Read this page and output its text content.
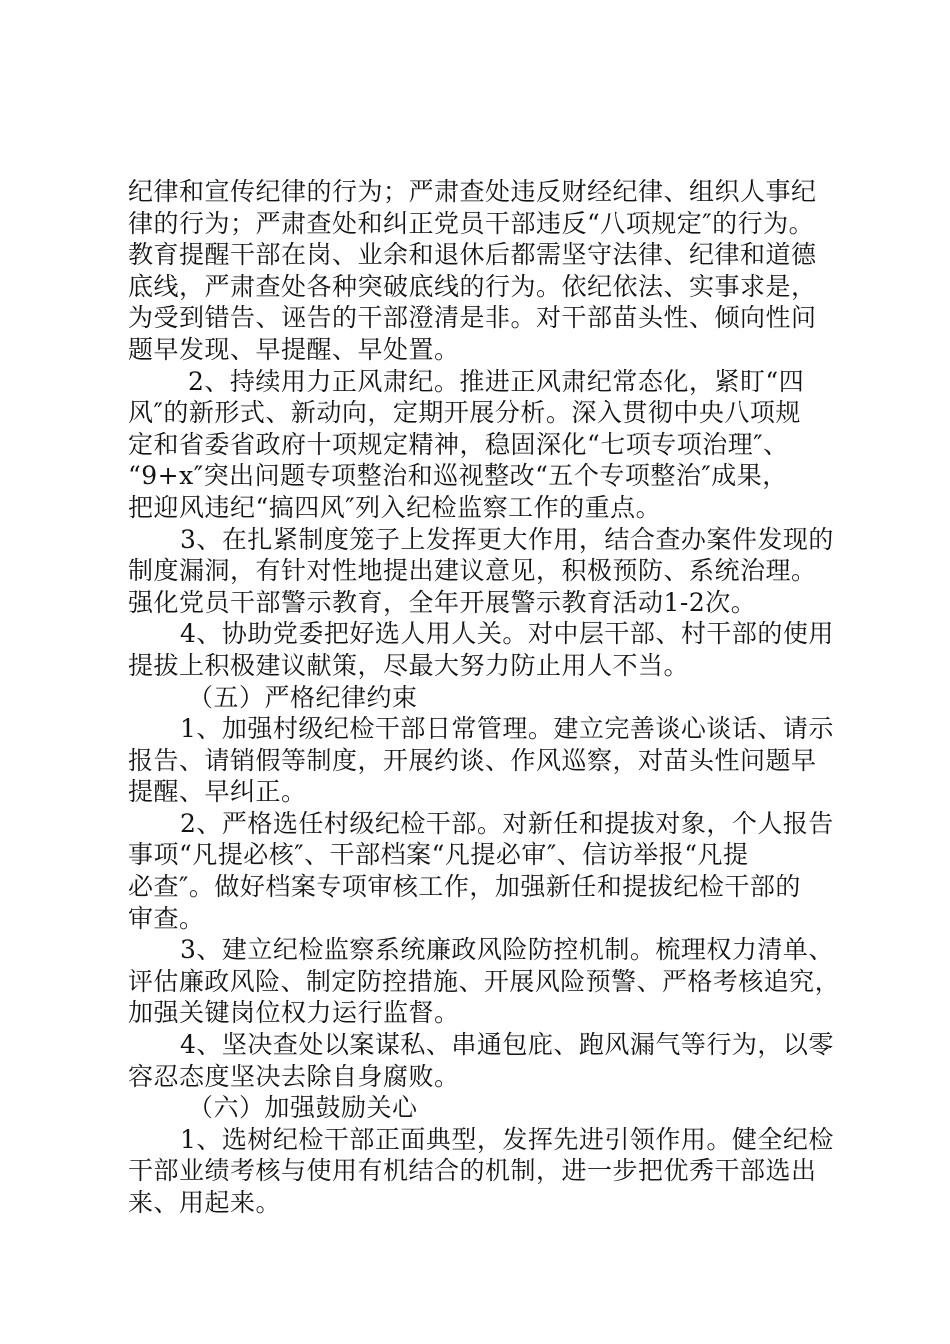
纪律和宣传纪律的行为；严肃查处违反财经纪律、组织人事纪
律的行为；严肃查处和纠正党员干部违反“八项规定″的行为。
教育提醒干部在岗、业余和退休后都需坚守法律、纪律和道德
底线，严肃查处各种突破底线的行为。依纪依法、实事求是，
为受到错告、诬告的干部澄清是非。对干部苗头性、倾向性问
题早发现、早提醒、早处置。
2、持续用力正风肃纪。推进正风肃纪常态化，紧盯“四
风″的新形式、新动向，定期开展分析。深入贯彻中央八项规
定和省委省政府十项规定精神，稳固深化“七项专项治理″、
“9+x″突出问题专项整治和巡视整改“五个专项整治″成果，
把迎风违纪“搞四风″列入纪检监察工作的重点。
3、在扎紧制度笼子上发挥更大作用，结合查办案件发现的
制度漏洞，有针对性地提出建议意见，积极预防、系统治理。
强化党员干部警示教育，全年开展警示教育活动1-2次。
4、协助党委把好选人用人关。对中层干部、村干部的使用
提拔上积极建议献策，尽最大努力防止用人不当。
（五）严格纪律约束
1、加强村级纪检干部日常管理。建立完善谈心谈话、请示
报告、请销假等制度，开展约谈、作风巡察，对苗头性问题早
提醒、早纠正。
2、严格选任村级纪检干部。对新任和提拔对象，个人报告
事项“凡提必核″、干部档案“凡提必审″、信访举报“凡提
必查″。做好档案专项审核工作，加强新任和提拔纪检干部的
审查。
3、建立纪检监察系统廉政风险防控机制。梳理权力清单、
评估廉政风险、制定防控措施、开展风险预警、严格考核追究，
加强关键岗位权力运行监督。
4、坚决查处以案谋私、串通包庇、跑风漏气等行为，以零
容忍态度坚决去除自身腐败。
（六）加强鼓励关心
1、选树纪检干部正面典型，发挥先进引领作用。健全纪检
干部业绩考核与使用有机结合的机制，进一步把优秀干部选出
来、用起来。
